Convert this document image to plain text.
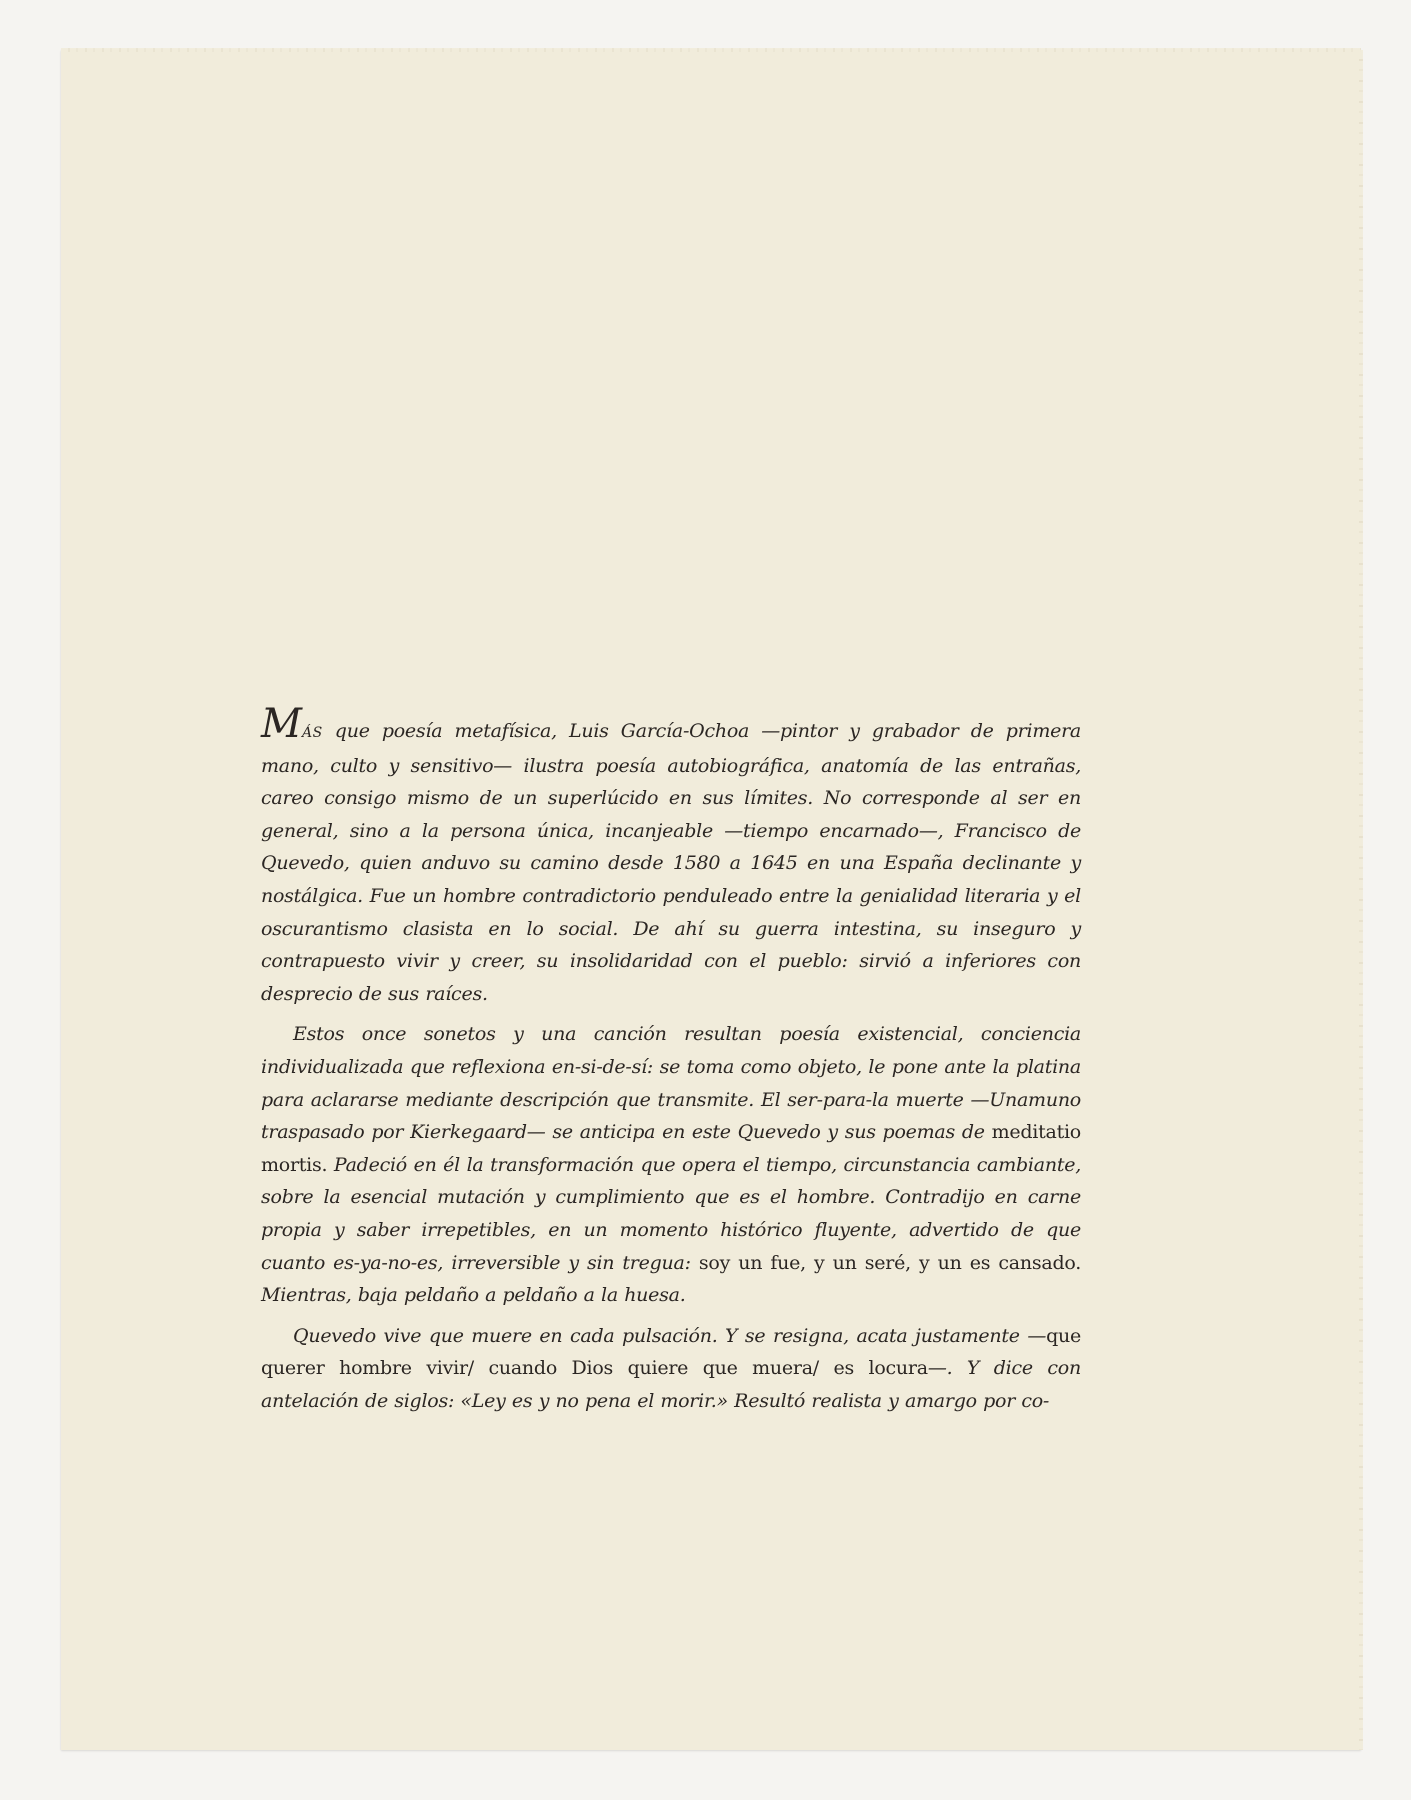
MÁS que poesía metafísica, Luis García-Ochoa —pintor y grabador de primera mano, culto y sensitivo— ilustra poesía autobiográfica, anatomía de las entrañas, careo consigo mismo de un superlúcido en sus límites. No corresponde al ser en general, sino a la persona única, incanjeable —tiempo encarnado—, Francisco de Quevedo, quien anduvo su camino desde 1580 a 1645 en una España declinante y nostálgica. Fue un hombre contradictorio penduleado entre la genialidad literaria y el oscurantismo clasista en lo social. De ahí su guerra intestina, su inseguro y contrapuesto vivir y creer, su insolidaridad con el pueblo: sirvió a inferiores con desprecio de sus raíces.

Estos once sonetos y una canción resultan poesía existencial, conciencia individualizada que reflexiona en-si-de-sí: se toma como objeto, le pone ante la platina para aclararse mediante descripción que transmite. El ser-para-la muerte —Unamuno traspasado por Kierkegaard— se anticipa en este Quevedo y sus poemas de meditatio mortis. Padeció en él la transformación que opera el tiempo, circunstancia cambiante, sobre la esencial mutación y cumplimiento que es el hombre. Contradijo en carne propia y saber irrepetibles, en un momento histórico fluyente, advertido de que cuanto es-ya-no-es, irreversible y sin tregua: soy un fue, y un seré, y un es cansado. Mientras, baja peldaño a peldaño a la huesa.

Quevedo vive que muere en cada pulsación. Y se resigna, acata justamente —que querer hombre vivir/ cuando Dios quiere que muera/ es locura—. Y dice con antelación de siglos: «Ley es y no pena el morir.» Resultó realista y amargo por co-
